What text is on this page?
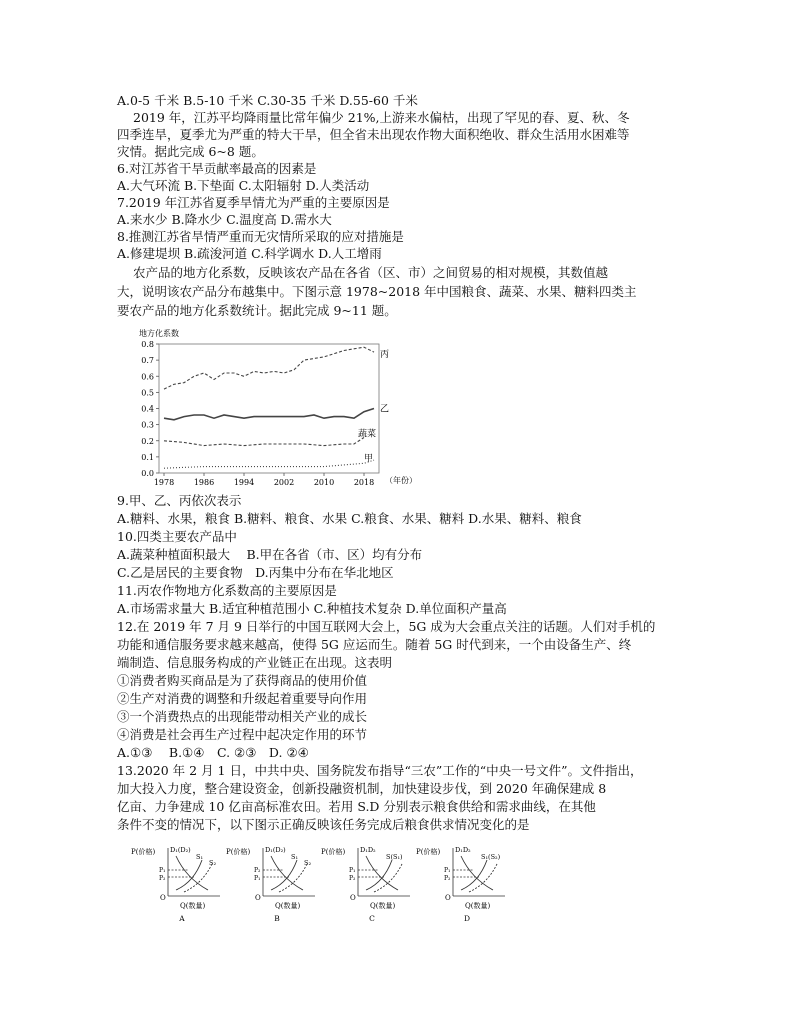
A.0-5 千米 B.5-10 千米 C.30-35 千米 D.55-60 千米
2019 年，江苏平均降雨量比常年偏少 21%,上游来水偏枯，出现了罕见的春、夏、秋、冬
四季连旱，夏季尤为严重的特大干旱，但全省未出现农作物大面积绝收、群众生活用水困难等
灾情。据此完成 6~8 题。
6.对江苏省干旱贡献率最高的因素是
A.大气环流 B.下垫面 C.太阳辐射 D.人类活动
7.2019 年江苏省夏季旱情尤为严重的主要原因是
A.来水少 B.降水少 C.温度高 D.需水大
8.推测江苏省旱情严重而无灾情所采取的应对措施是
A.修建堤坝 B.疏浚河道 C.科学调水 D.人工增雨
农产品的地方化系数，反映该农产品在各省（区、市）之间贸易的相对规模，其数值越
大，说明该农产品分布越集中。下图示意 1978~2018 年中国粮食、蔬菜、水果、糖料四类主
要农产品的地方化系数统计。据此完成 9~11 题。
地方化系数
0.0
0.1
0.2
0.3
0.4
0.5
0.6
0.7
0.8
1978 1986 1994 2002 2010 2018
丙
乙
蔬菜
甲
（年份）
9.甲、乙、丙依次表示
A.糖料、水果，粮食 B.糖料、粮食、水果 C.粮食、水果、糖料 D.水果、糖料、粮食
10.四类主要农产品中
A.蔬菜种植面积最大　 B.甲在各省（市、区）均有分布
C.乙是居民的主要食物　D.丙集中分布在华北地区
11.丙农作物地方化系数高的主要原因是
A.市场需求量大 B.适宜种植范围小 C.种植技术复杂 D.单位面积产量高
12.在 2019 年 7 月 9 日举行的中国互联网大会上，5G 成为大会重点关注的话题。人们对手机的
功能和通信服务要求越来越高，使得 5G 应运而生。随着 5G 时代到来，一个由设备生产、终
端制造、信息服务构成的产业链正在出现。这表明
①消费者购买商品是为了获得商品的使用价值
②生产对消费的调整和升级起着重要导向作用
③一个消费热点的出现能带动相关产业的成长
④消费是社会再生产过程中起决定作用的环节
A.①③　 B.①④　C. ②③　D. ②④
13.2020 年 2 月 1 日，中共中央、国务院发布指导“三农”工作的“中央一号文件”。文件指出，
加大投入力度，整合建设资金，创新投融资机制，加快建设步伐，到 2020 年确保建成 8
亿亩、力争建成 10 亿亩高标准农田。若用 S.D 分别表示粮食供给和需求曲线，在其他
条件不变的情况下，以下图示正确反映该任务完成后粮食供求情况变化的是
P(价格)
Q(数量)
O
D₁(D₂)
S₁
S₂
P₁
P₂
A
P(价格)
Q(数量)
O
D₁(D₂)
S₁
S₂
P₂
P₁
B
P(价格)
Q(数量)
O
D₁D₂
S(S₁)
P₁
P₂
C
P(价格)
Q(数量)
O
D₁D₂
S₁(S₂)
P₁
P₂
D
